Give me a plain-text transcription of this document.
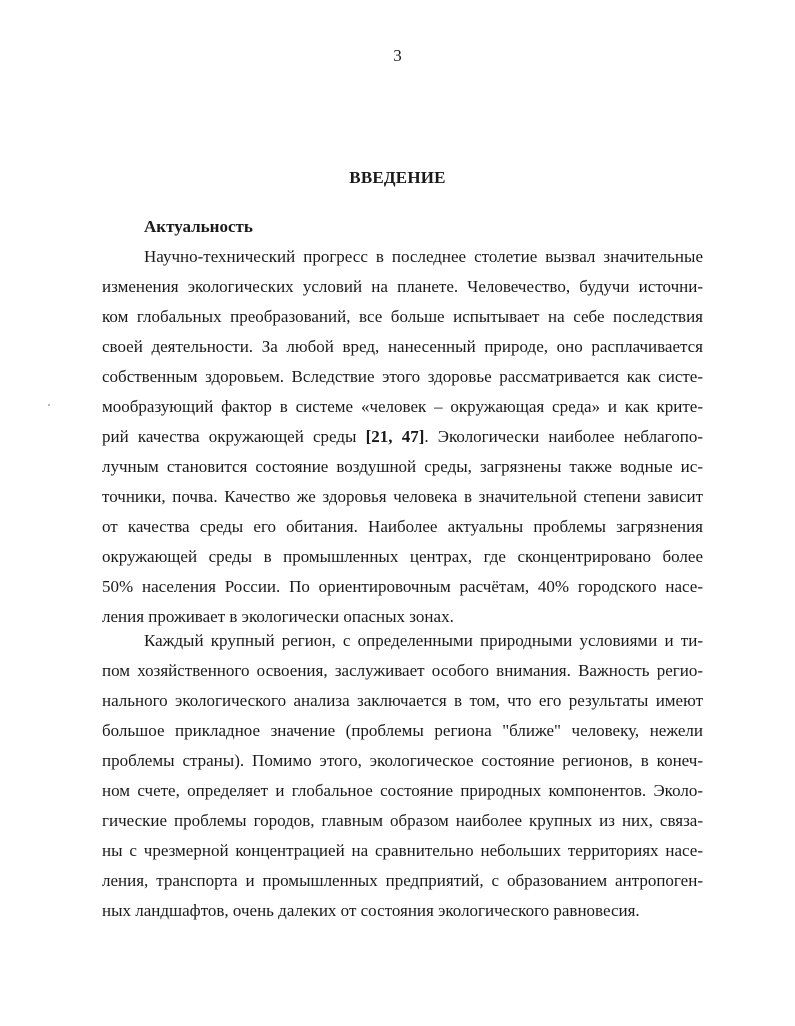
3
ВВЕДЕНИЕ
Актуальность
Научно-технический прогресс в последнее столетие вызвал значительные
изменения экологических условий на планете. Человечество, будучи источни-
ком глобальных преобразований, все больше испытывает на себе последствия
своей деятельности. За любой вред, нанесенный природе, оно расплачивается
собственным здоровьем. Вследствие этого здоровье рассматривается как систе-
мообразующий фактор в системе «человек – окружающая среда» и как крите-
рий качества окружающей среды [21, 47]. Экологически наиболее неблагопо-
лучным становится состояние воздушной среды, загрязнены также водные ис-
точники, почва. Качество же здоровья человека в значительной степени зависит
от качества среды его обитания. Наиболее актуальны проблемы загрязнения
окружающей среды в промышленных центрах, где сконцентрировано более
50% населения России. По ориентировочным расчётам, 40% городского насе-
ления проживает в экологически опасных зонах.
Каждый крупный регион, с определенными природными условиями и ти-
пом хозяйственного освоения, заслуживает особого внимания. Важность регио-
нального экологического анализа заключается в том, что его результаты имеют
большое прикладное значение (проблемы региона "ближе" человеку, нежели
проблемы страны). Помимо этого, экологическое состояние регионов, в конеч-
ном счете, определяет и глобальное состояние природных компонентов. Эколо-
гические проблемы городов, главным образом наиболее крупных из них, связа-
ны с чрезмерной концентрацией на сравнительно небольших территориях насе-
ления, транспорта и промышленных предприятий, с образованием антропоген-
ных ландшафтов, очень далеких от состояния экологического равновесия.
